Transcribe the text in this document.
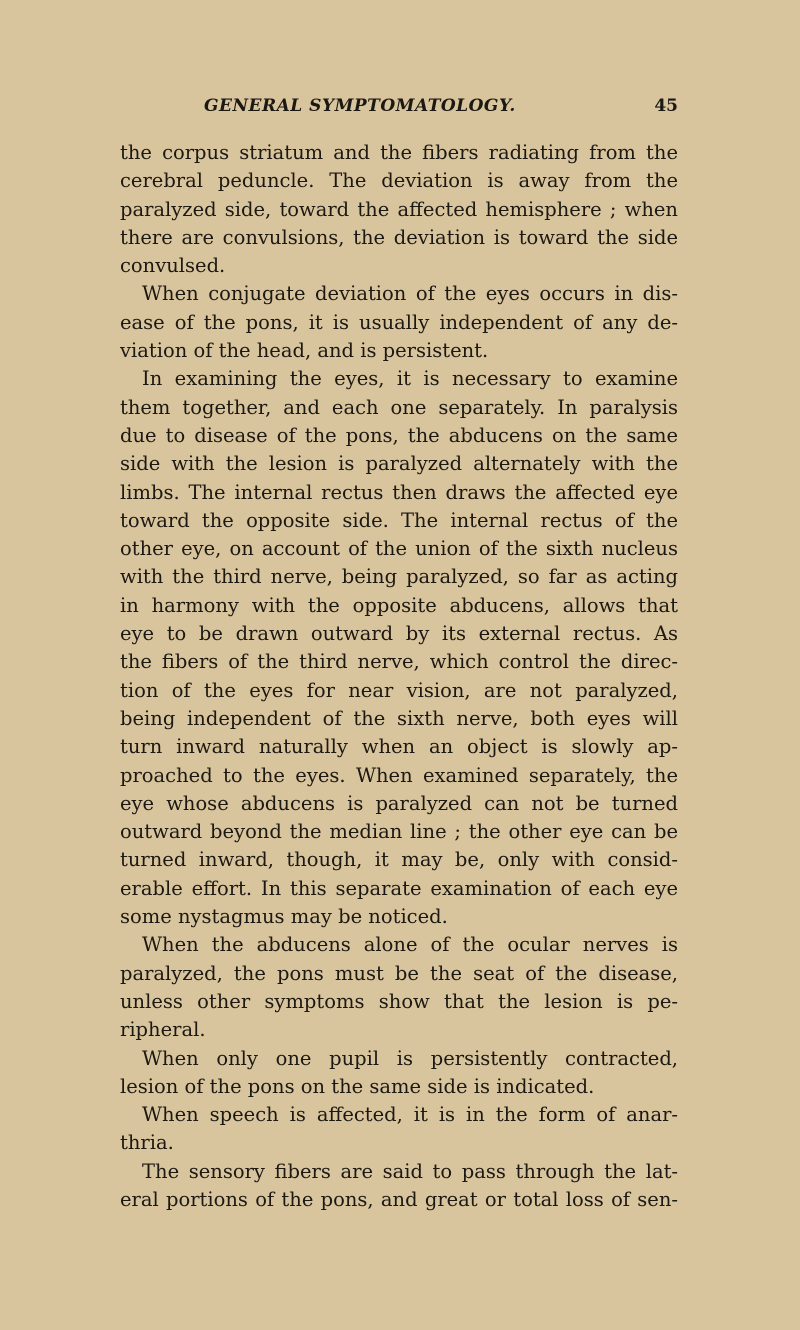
GENERAL SYMPTOMATOLOGY.	45
the corpus striatum and the fibers radiating from the
cerebral peduncle. The deviation is away from the
paralyzed side, toward the affected hemisphere ; when
there are convulsions, the deviation is toward the side
convulsed.
When conjugate deviation of the eyes occurs in dis-
ease of the pons, it is usually independent of any de-
viation of the head, and is persistent.
In examining the eyes, it is necessary to examine
them together, and each one separately. In paralysis
due to disease of the pons, the abducens on the same
side with the lesion is paralyzed alternately with the
limbs. The internal rectus then draws the affected eye
toward the opposite side. The internal rectus of the
other eye, on account of the union of the sixth nucleus
with the third nerve, being paralyzed, so far as acting
in harmony with the opposite abducens, allows that
eye to be drawn outward by its external rectus. As
the fibers of the third nerve, which control the direc-
tion of the eyes for near vision, are not paralyzed,
being independent of the sixth nerve, both eyes will
turn inward naturally when an object is slowly ap-
proached to the eyes. When examined separately, the
eye whose abducens is paralyzed can not be turned
outward beyond the median line ; the other eye can be
turned inward, though, it may be, only with consid-
erable effort. In this separate examination of each eye
some nystagmus may be noticed.
When the abducens alone of the ocular nerves is
paralyzed, the pons must be the seat of the disease,
unless other symptoms show that the lesion is pe-
ripheral.
When only one pupil is persistently contracted,
lesion of the pons on the same side is indicated.
When speech is affected, it is in the form of anar-
thria.
The sensory fibers are said to pass through the lat-
eral portions of the pons, and great or total loss of sen-
